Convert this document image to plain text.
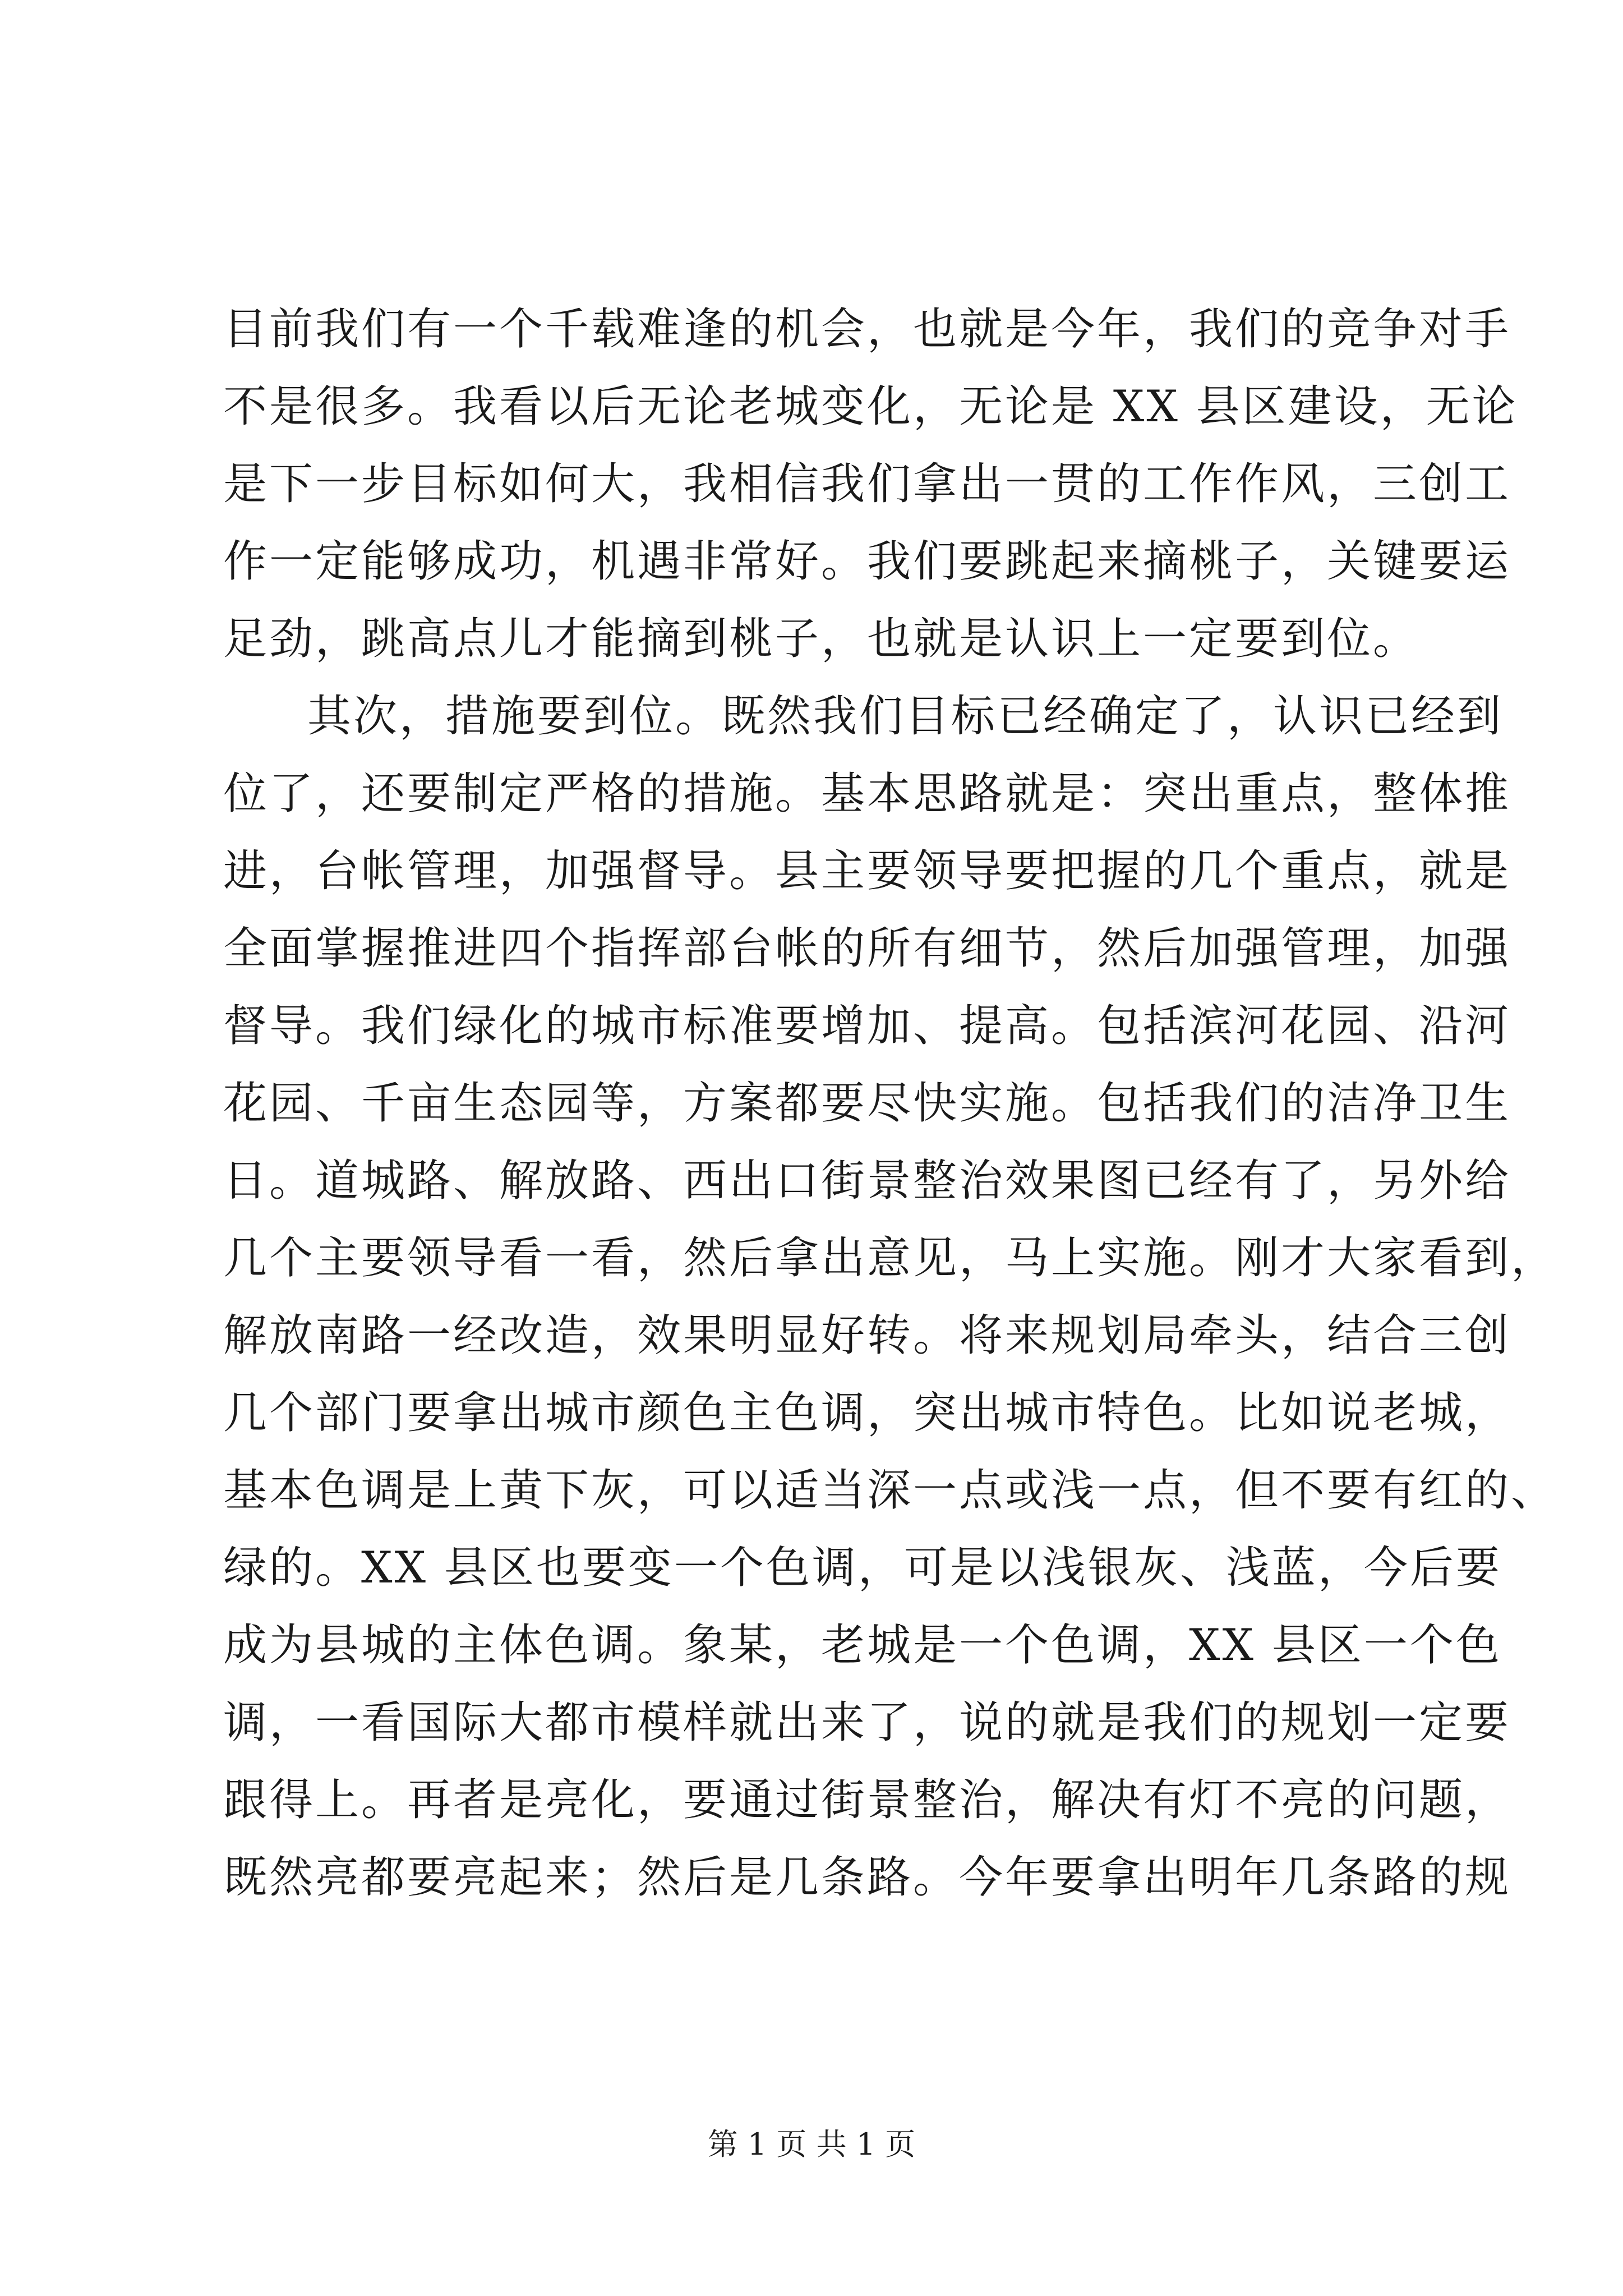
目前我们有一个千载难逢的机会，也就是今年，我们的竞争对手
不是很多。我看以后无论老城变化，无论是 XX 县区建设，无论
是下一步目标如何大，我相信我们拿出一贯的工作作风，三创工
作一定能够成功，机遇非常好。我们要跳起来摘桃子，关键要运
足劲，跳高点儿才能摘到桃子，也就是认识上一定要到位。
其次，措施要到位。既然我们目标已经确定了，认识已经到
位了，还要制定严格的措施。基本思路就是：突出重点，整体推
进，台帐管理，加强督导。县主要领导要把握的几个重点，就是
全面掌握推进四个指挥部台帐的所有细节，然后加强管理，加强
督导。我们绿化的城市标准要增加、提高。包括滨河花园、沿河
花园、千亩生态园等，方案都要尽快实施。包括我们的洁净卫生
日。道城路、解放路、西出口街景整治效果图已经有了，另外给
几个主要领导看一看，然后拿出意见，马上实施。刚才大家看到，
解放南路一经改造，效果明显好转。将来规划局牵头，结合三创
几个部门要拿出城市颜色主色调，突出城市特色。比如说老城，
基本色调是上黄下灰，可以适当深一点或浅一点，但不要有红的、
绿的。XX 县区也要变一个色调，可是以浅银灰、浅蓝，今后要
成为县城的主体色调。象某，老城是一个色调，XX 县区一个色
调，一看国际大都市模样就出来了，说的就是我们的规划一定要
跟得上。再者是亮化，要通过街景整治，解决有灯不亮的问题，
既然亮都要亮起来；然后是几条路。今年要拿出明年几条路的规
第 1 页 共 1 页
